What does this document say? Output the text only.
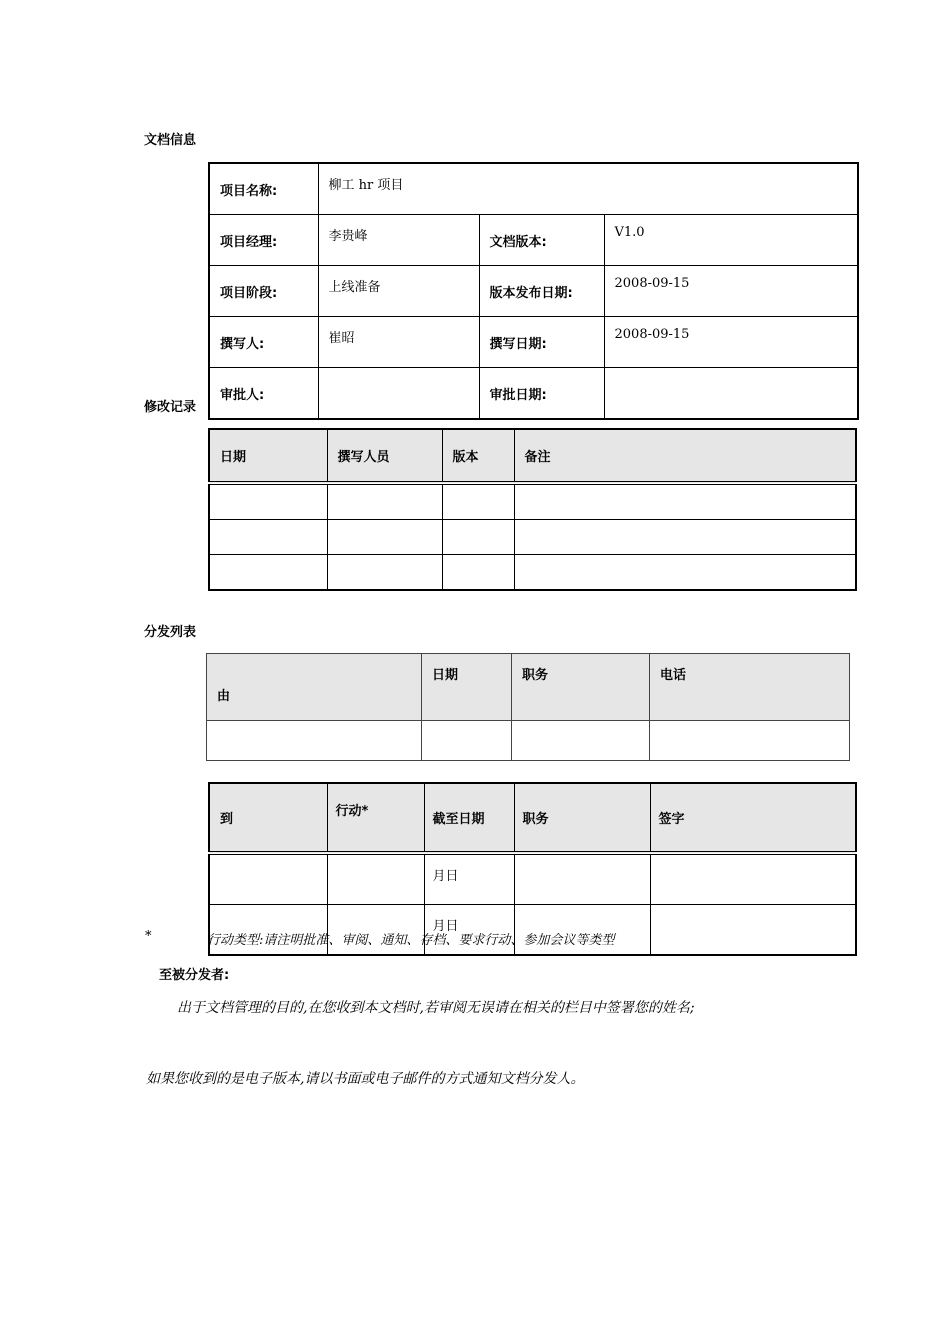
文档信息
项目名称:	柳工 hr 项目		
项目经理:	李贵峰	文档版本:	V1.0
项目阶段:	上线准备	版本发布日期:	2008-09-15
撰写人:	崔昭	撰写日期:	2008-09-15
审批人:		审批日期:	
修改记录
日期	撰写人员	版本	备注

分发列表
由	日期	职务	电话

到	行动*	截至日期	职务	签字
		月日		
		月日		
*	行动类型:请注明批准、审阅、通知、存档、要求行动、参加会议等类型
至被分发者:
出于文档管理的目的,在您收到本文档时,若审阅无误请在相关的栏目中签署您的姓名;
如果您收到的是电子版本,请以书面或电子邮件的方式通知文档分发人。
